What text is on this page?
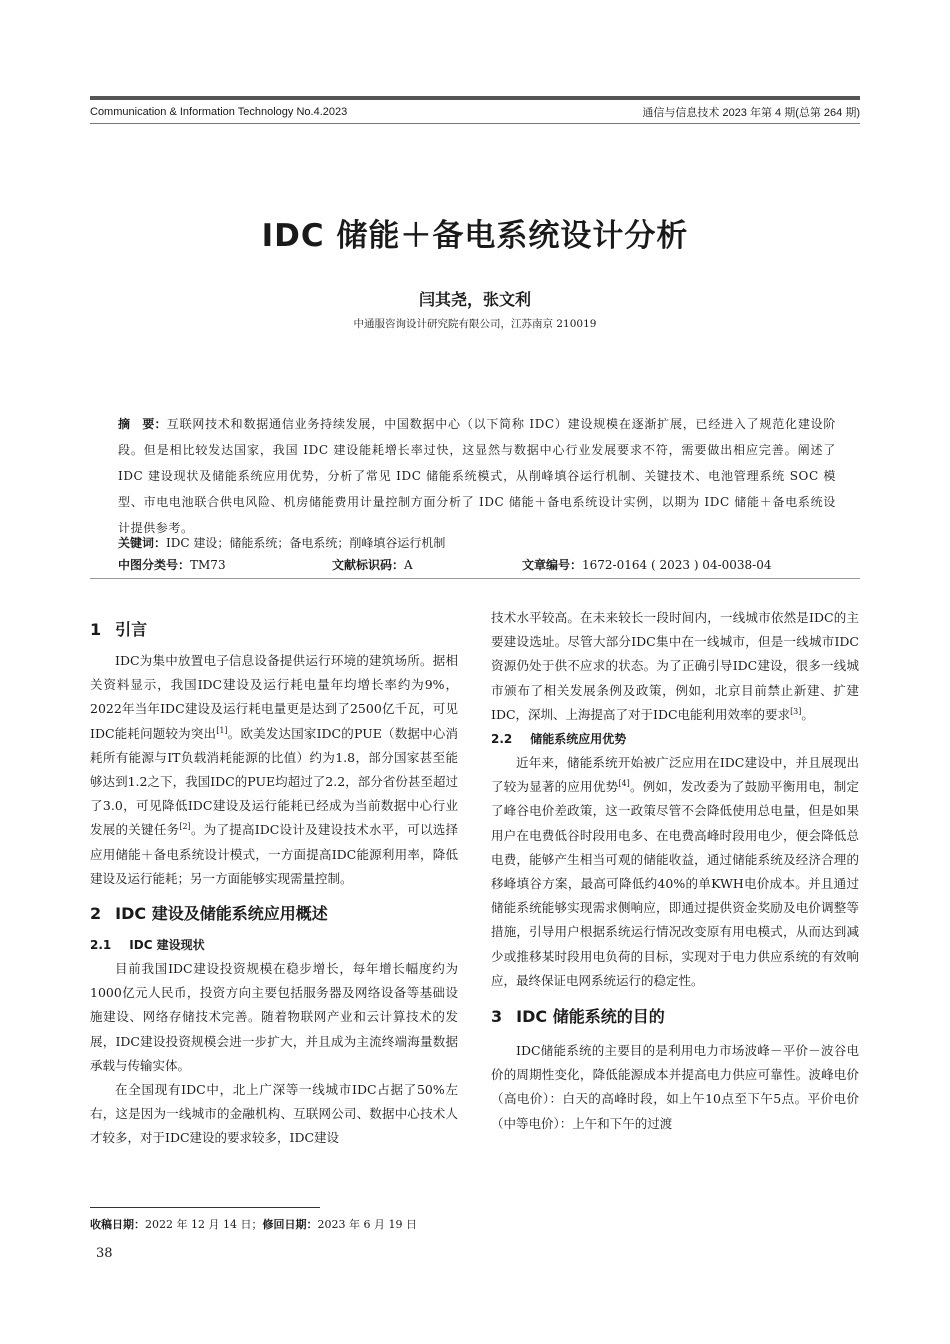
Communication & Information Technology No.4.2023	通信与信息技术 2023 年第 4 期(总第 264 期)
IDC 储能＋备电系统设计分析
闫其尧，张文利
中通服咨询设计研究院有限公司，江苏南京 210019

摘　要：互联网技术和数据通信业务持续发展，中国数据中心（以下简称 IDC）建设规模在逐渐扩展，已经进入了规范化建设阶段。但是相比较发达国家，我国 IDC 建设能耗增长率过快，这显然与数据中心行业发展要求不符，需要做出相应完善。阐述了 IDC 建设现状及储能系统应用优势，分析了常见 IDC 储能系统模式，从削峰填谷运行机制、关键技术、电池管理系统 SOC 模型、市电电池联合供电风险、机房储能费用计量控制方面分析了 IDC 储能＋备电系统设计实例，以期为 IDC 储能＋备电系统设计提供参考。

关键词：IDC 建设；储能系统；备电系统；削峰填谷运行机制
中图分类号：TM73	文献标识码：A	文章编号：1672-0164 ( 2023 ) 04-0038-04
1 引言

IDC为集中放置电子信息设备提供运行环境的建筑场所。据相关资料显示，我国IDC建设及运行耗电量年均增长率约为9%，2022年当年IDC建设及运行耗电量更是达到了2500亿千瓦，可见IDC能耗问题较为突出[1]。欧美发达国家IDC的PUE（数据中心消耗所有能源与IT负载消耗能源的比值）约为1.8，部分国家甚至能够达到1.2之下，我国IDC的PUE均超过了2.2，部分省份甚至超过了3.0，可见降低IDC建设及运行能耗已经成为当前数据中心行业发展的关键任务[2]。为了提高IDC设计及建设技术水平，可以选择应用储能＋备电系统设计模式，一方面提高IDC能源利用率，降低建设及运行能耗；另一方面能够实现需量控制。

2 IDC 建设及储能系统应用概述
2.1 IDC 建设现状

目前我国IDC建设投资规模在稳步增长，每年增长幅度约为1000亿元人民币，投资方向主要包括服务器及网络设备等基础设施建设、网络存储技术完善。随着物联网产业和云计算技术的发展，IDC建设投资规模会进一步扩大，并且成为主流终端海量数据承载与传输实体。

在全国现有IDC中，北上广深等一线城市IDC占据了50%左右，这是因为一线城市的金融机构、互联网公司、数据中心技术人才较多，对于IDC建设的要求较多，IDC建设

技术水平较高。在未来较长一段时间内，一线城市依然是IDC的主要建设选址。尽管大部分IDC集中在一线城市，但是一线城市IDC资源仍处于供不应求的状态。为了正确引导IDC建设，很多一线城市颁布了相关发展条例及政策，例如，北京目前禁止新建、扩建IDC，深圳、上海提高了对于IDC电能利用效率的要求[3]。

2.2 储能系统应用优势

近年来，储能系统开始被广泛应用在IDC建设中，并且展现出了较为显著的应用优势[4]。例如，发改委为了鼓励平衡用电，制定了峰谷电价差政策，这一政策尽管不会降低使用总电量，但是如果用户在电费低谷时段用电多、在电费高峰时段用电少，便会降低总电费，能够产生相当可观的储能收益，通过储能系统及经济合理的移峰填谷方案，最高可降低约40%的单KWH电价成本。并且通过储能系统能够实现需求侧响应，即通过提供资金奖励及电价调整等措施，引导用户根据系统运行情况改变原有用电模式，从而达到减少或推移某时段用电负荷的目标，实现对于电力供应系统的有效响应，最终保证电网系统运行的稳定性。

3 IDC 储能系统的目的

IDC储能系统的主要目的是利用电力市场波峰－平价－波谷电价的周期性变化，降低能源成本并提高电力供应可靠性。波峰电价（高电价）：白天的高峰时段，如上午10点至下午5点。平价电价（中等电价）：上午和下午的过渡

收稿日期：2022 年 12 月 14 日；修回日期：2023 年 6 月 19 日
38
